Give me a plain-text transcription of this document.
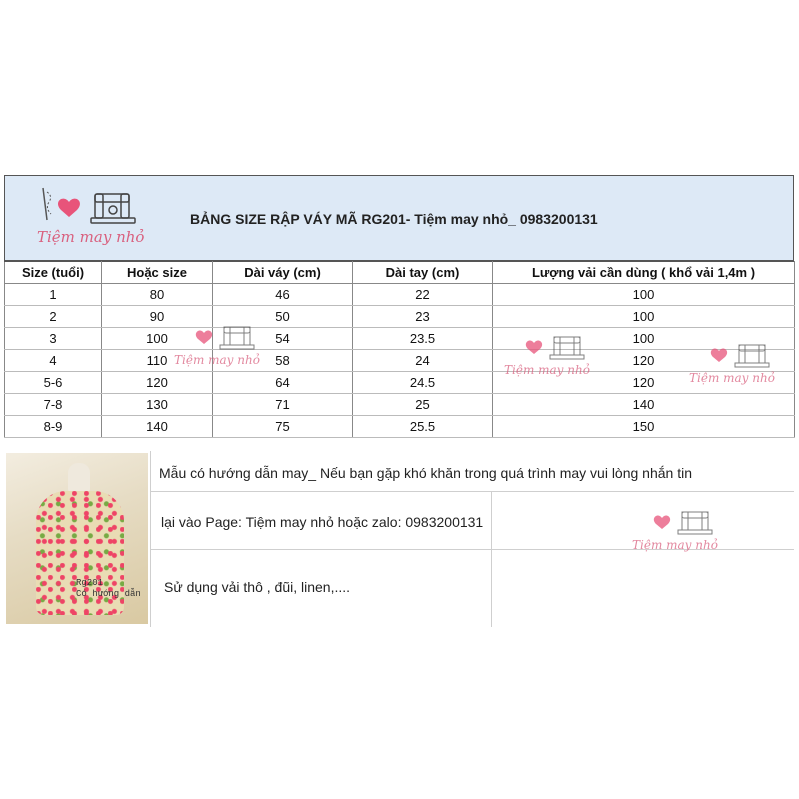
Tiệm may nhỏ
BẢNG SIZE RẬP VÁY MÃ RG201- Tiệm may nhỏ_ 0983200131
Size (tuổi)	Hoặc size	Dài váy (cm)	Dài tay (cm)	Lượng vải cần dùng ( khổ vải 1,4m )
1	80	46	22	100
2	90	50	23	100
3	100	54	23.5	100
4	110	58	24	120
5-6	120	64	24.5	120
7-8	130	71	25	140
8-9	140	75	25.5	150
Tiệm may nhỏ
Tiệm may nhỏ
Tiệm may nhỏ
Rg201
Có hướng dẫn
Mẫu có hướng dẫn may_ Nếu bạn gặp khó khăn trong quá trình may vui lòng nhắn tin
lại vào Page: Tiệm may nhỏ hoặc zalo: 0983200131
Sử dụng vải thô , đũi, linen,....
Tiệm may nhỏ
